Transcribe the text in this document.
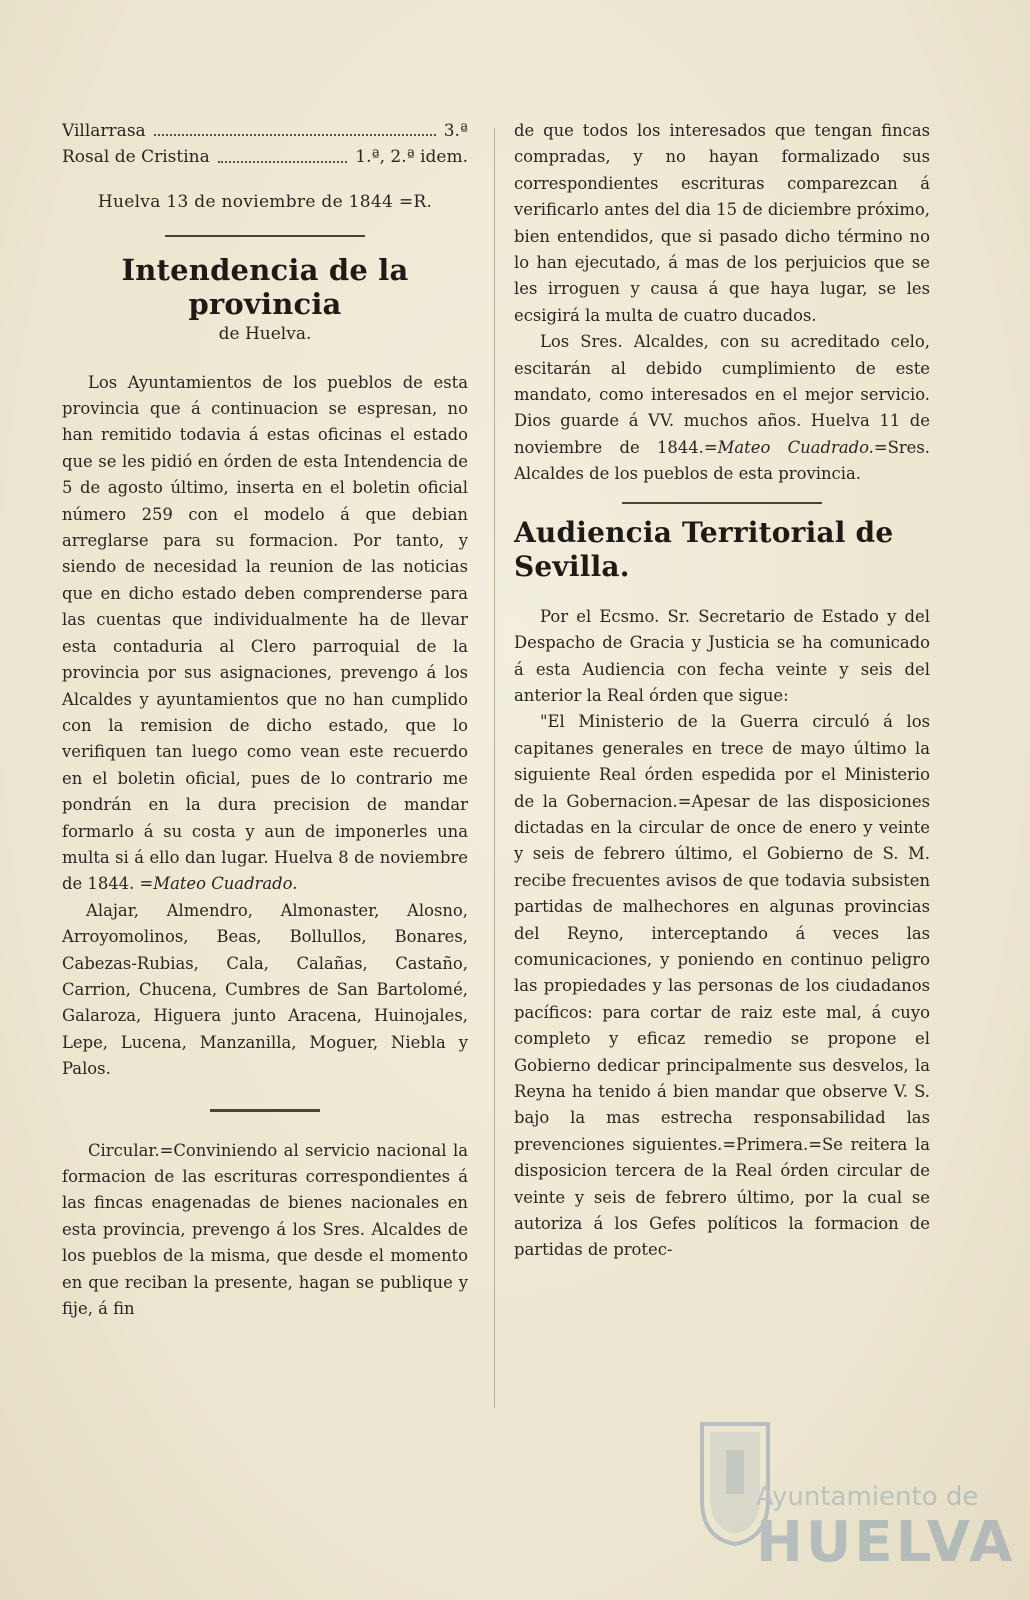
Villarrasa	3.ª
Rosal de Cristina	1.ª, 2.ª idem.
Huelva 13 de noviembre de 1844 =R.
Intendencia de la provincia
de Huelva.

Los Ayuntamientos de los pueblos de esta provincia que á continuacion se espresan, no han remitido todavia á estas oficinas el estado que se les pidió en órden de esta Intendencia de 5 de agosto último, inserta en el boletin oficial número 259 con el modelo á que debian arreglarse para su formacion. Por tanto, y siendo de necesidad la reunion de las noticias que en dicho estado deben comprenderse para las cuentas que individualmente ha de llevar esta contaduria al Clero parroquial de la provincia por sus asignaciones, prevengo á los Alcaldes y ayuntamientos que no han cumplido con la remision de dicho estado, que lo verifiquen tan luego como vean este recuerdo en el boletin oficial, pues de lo contrario me pondrán en la dura precision de mandar formarlo á su costa y aun de imponerles una multa si á ello dan lugar. Huelva 8 de noviembre de 1844. =Mateo Cuadrado.

Alajar, Almendro, Almonaster, Alosno, Arroyomolinos, Beas, Bollullos, Bonares, Cabezas-Rubias, Cala, Calañas, Castaño, Carrion, Chucena, Cumbres de San Bartolomé, Galaroza, Higuera junto Aracena, Huinojales, Lepe, Lucena, Manzanilla, Moguer, Niebla y Palos.

Circular.=Conviniendo al servicio nacional la formacion de las escrituras correspondientes á las fincas enagenadas de bienes nacionales en esta provincia, prevengo á los Sres. Alcaldes de los pueblos de la misma, que desde el momento en que reciban la presente, hagan se publique y fije, á fin

de que todos los interesados que tengan fincas compradas, y no hayan formalizado sus correspondientes escrituras comparezcan á verificarlo antes del dia 15 de diciembre próximo, bien entendidos, que si pasado dicho término no lo han ejecutado, á mas de los perjuicios que se les irroguen y causa á que haya lugar, se les ecsigirá la multa de cuatro ducados.

Los Sres. Alcaldes, con su acreditado celo, escitarán al debido cumplimiento de este mandato, como interesados en el mejor servicio. Dios guarde á VV. muchos años. Huelva 11 de noviembre de 1844.=Mateo Cuadrado.=Sres. Alcaldes de los pueblos de esta provincia.

Audiencia Territorial de Sevilla.

Por el Ecsmo. Sr. Secretario de Estado y del Despacho de Gracia y Justicia se ha comunicado á esta Audiencia con fecha veinte y seis del anterior la Real órden que sigue:

"El Ministerio de la Guerra circuló á los capitanes generales en trece de mayo último la siguiente Real órden espedida por el Ministerio de la Gobernacion.=Apesar de las disposiciones dictadas en la circular de once de enero y veinte y seis de febrero último, el Gobierno de S. M. recibe frecuentes avisos de que todavia subsisten partidas de malhechores en algunas provincias del Reyno, interceptando á veces las comunicaciones, y poniendo en continuo peligro las propiedades y las personas de los ciudadanos pacíficos: para cortar de raiz este mal, á cuyo completo y eficaz remedio se propone el Gobierno dedicar principalmente sus desvelos, la Reyna ha tenido á bien mandar que observe V. S. bajo la mas estrecha responsabilidad las prevenciones siguientes.=Primera.=Se reitera la disposicion tercera de la Real órden circular de veinte y seis de febrero último, por la cual se autoriza á los Gefes políticos la formacion de partidas de protec-

Ayuntamiento de
HUELVA
